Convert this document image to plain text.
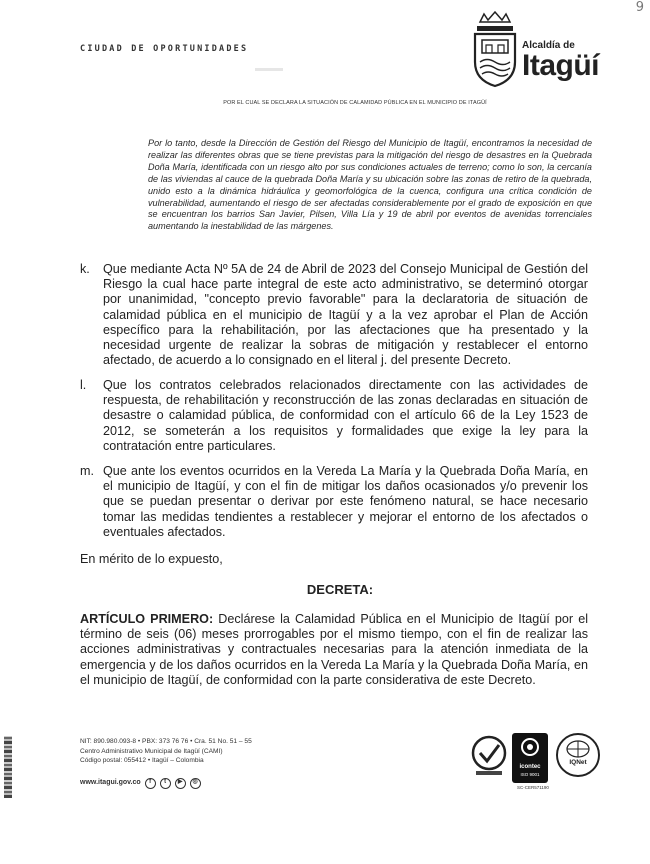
9
CIUDAD DE OPORTUNIDADES	Alcaldía de
Itagüí
POR EL CUAL SE DECLARA LA SITUACIÓN DE CALAMIDAD PÚBLICA EN EL MUNICIPIO DE ITAGÜÍ

Por lo tanto, desde la Dirección de Gestión del Riesgo del Municipio de Itagüí, encontramos la necesidad de realizar las diferentes obras que se tiene previstas para la mitigación del riesgo de desastres en la Quebrada Doña María, identificada con un riesgo alto por sus condiciones actuales de terreno; como lo son, la cercanía de las viviendas al cauce de la quebrada Doña María y su ubicación sobre las zonas de retiro de la quebrada, unido esto a la dinámica hidráulica y geomorfológica de la cuenca, configura una crítica condición de vulnerabilidad, aumentando el riesgo de ser afectadas considerablemente por el grado de exposición en que se encuentran los barrios San Javier, Pilsen, Villa Lía y 19 de abril por eventos de avenidas torrenciales aumentando la inestabilidad de las márgenes.

k. Que mediante Acta Nº 5A de 24 de Abril de 2023 del Consejo Municipal de Gestión del Riesgo la cual hace parte integral de este acto administrativo, se determinó otorgar por unanimidad, "concepto previo favorable" para la declaratoria de situación de calamidad pública en el municipio de Itagüí y a la vez aprobar el Plan de Acción específico para la rehabilitación, por las afectaciones que ha presentado y la necesidad urgente de realizar la sobras de mitigación y restablecer el entorno afectado, de acuerdo a lo consignado en el literal j. del presente Decreto.
l. Que los contratos celebrados relacionados directamente con las actividades de respuesta, de rehabilitación y reconstrucción de las zonas declaradas en situación de desastre o calamidad pública, de conformidad con el artículo 66 de la Ley 1523 de 2012, se someterán a los requisitos y formalidades que exige la ley para la contratación entre particulares.
m. Que ante los eventos ocurridos en la Vereda La María y la Quebrada Doña María, en el municipio de Itagüí, y con el fin de mitigar los daños ocasionados y/o prevenir los que se puedan presentar o derivar por este fenómeno natural, se hace necesario tomar las medidas tendientes a restablecer y mejorar el entorno de los afectados o eventuales afectados.
En mérito de lo expuesto,
DECRETA:
ARTÍCULO PRIMERO: Declárese la Calamidad Pública en el Municipio de Itagüí por el término de seis (06) meses prorrogables por el mismo tiempo, con el fin de realizar las acciones administrativas y contractuales necesarias para la atención inmediata de la emergencia y de los daños ocurridos en la Vereda La María y la Quebrada Doña María, en el municipio de Itagüí, de conformidad con la parte considerativa de este Decreto.
NIT: 890.980.093-8 • PBX: 373 76 76 • Cra. 51 No. 51 – 55
Centro Administrativo Municipal de Itagüí (CAMI)
Código postal: 055412 • Itagüí – Colombia
www.itagui.gov.co	f	t	▶	◎
icontec
ISO 9001
IQNet
SC-CER571190
